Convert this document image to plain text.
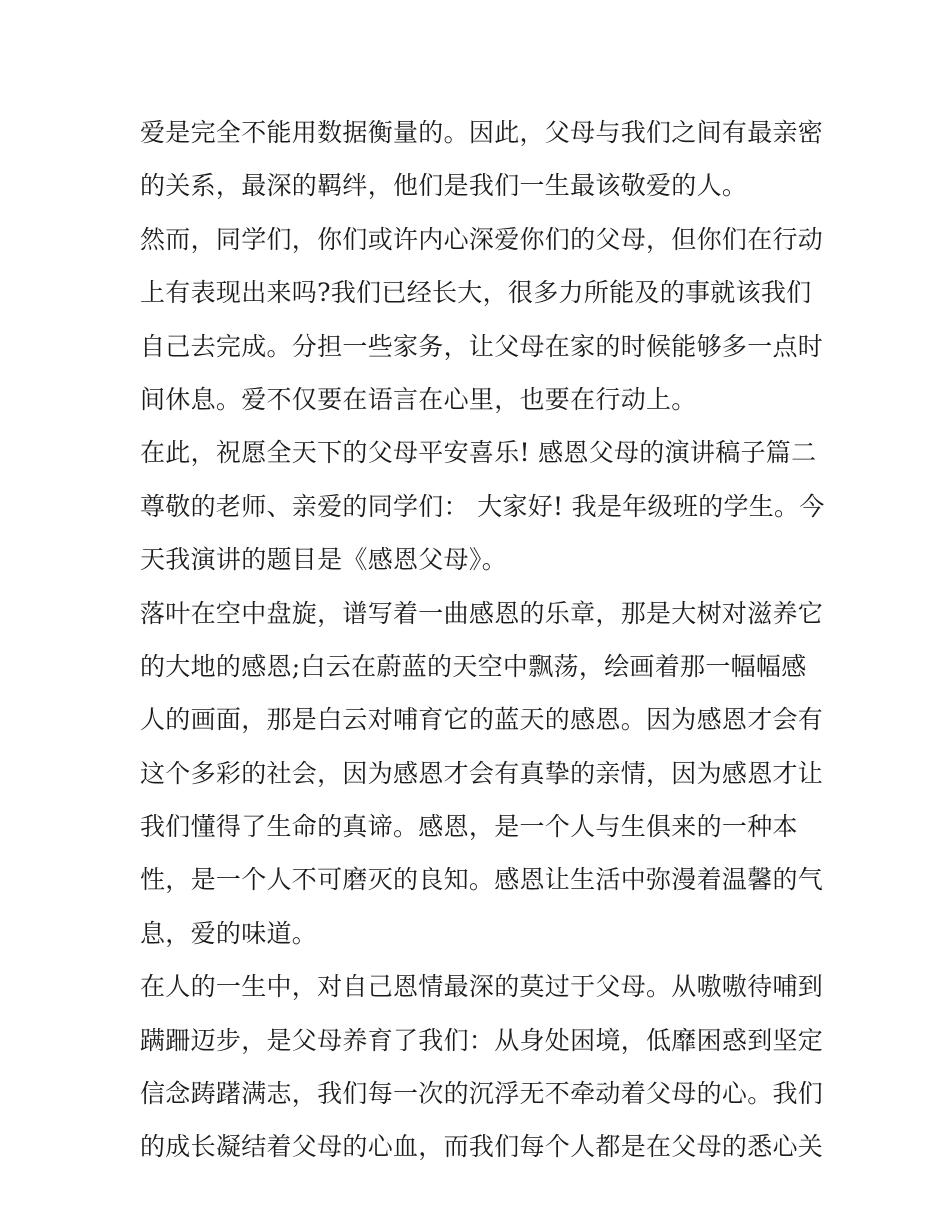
爱是完全不能用数据衡量的。因此，父母与我们之间有最亲密
的关系，最深的羁绊，他们是我们一生最该敬爱的人。
然而，同学们，你们或许内心深爱你们的父母，但你们在行动
上有表现出来吗?我们已经长大，很多力所能及的事就该我们
自己去完成。分担一些家务，让父母在家的时候能够多一点时
间休息。爱不仅要在语言在心里，也要在行动上。
在此，祝愿全天下的父母平安喜乐! 感恩父母的演讲稿子篇二
尊敬的老师、亲爱的同学们： 大家好! 我是年级班的学生。今
天我演讲的题目是《感恩父母》。
落叶在空中盘旋，谱写着一曲感恩的乐章，那是大树对滋养它
的大地的感恩;白云在蔚蓝的天空中飘荡，绘画着那一幅幅感
人的画面，那是白云对哺育它的蓝天的感恩。因为感恩才会有
这个多彩的社会，因为感恩才会有真挚的亲情，因为感恩才让
我们懂得了生命的真谛。感恩，是一个人与生俱来的一种本
性，是一个人不可磨灭的良知。感恩让生活中弥漫着温馨的气
息，爱的味道。
在人的一生中，对自己恩情最深的莫过于父母。从嗷嗷待哺到
蹒跚迈步，是父母养育了我们：从身处困境，低靡困惑到坚定
信念踌躇满志，我们每一次的沉浮无不牵动着父母的心。我们
的成长凝结着父母的心血，而我们每个人都是在父母的悉心关
